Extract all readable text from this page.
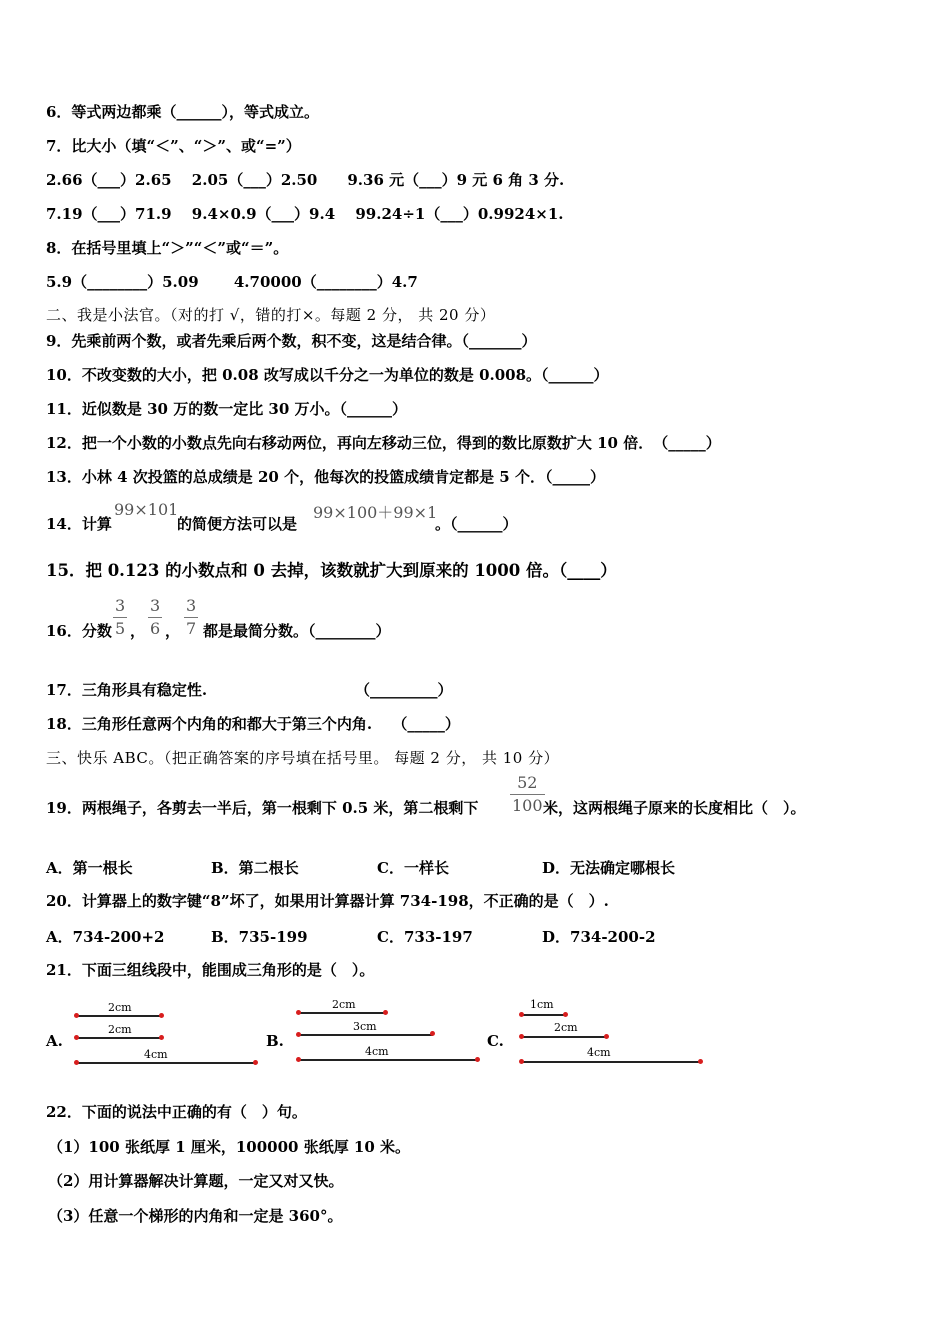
6．等式两边都乘（______），等式成立。
7．比大小（填“＜”、“＞”、或“=”）
2.66（___）2.65　 2.05（___）2.50　　9.36 元（___）9 元 6 角 3 分.
7.19（___）71.9　 9.4×0.9（___）9.4　 99.24÷1（___）0.9924×1.
8．在括号里填上“＞”“＜”或“＝”。
5.9（________）5.09　　 4.70000（________）4.7
二、我是小法官。（对的打 √，错的打×。每题 2 分， 共 20 分）
9．先乘前两个数，或者先乘后两个数，积不变，这是结合律。（_______）
10．不改变数的大小，把 0.08 改写成以千分之一为单位的数是 0.008。（______）
11．近似数是 30 万的数一定比 30 万小。（______）
12．把一个小数的小数点先向右移动两位，再向左移动三位，得到的数比原数扩大 10 倍．　（_____）
13．小林 4 次投篮的总成绩是 20 个，他每次的投篮成绩肯定都是 5 个．（_____）
14．计算
99×101
的简便方法可以是
99×100＋99×1
。（______）
15．把 0.123 的小数点和 0 去掉，该数就扩大到原来的 1000 倍。（____）
16．分数 $\frac{3}{5}$ ， $\frac{3}{6}$ ， $\frac{3}{7}$ 都是最简分数。（________）
17．三角形具有稳定性.	（_________）
18．三角形任意两个内角的和都大于第三个内角.　 （_____）
三、快乐 ABC。（把正确答案的序号填在括号里。 每题 2 分， 共 10 分）
19．两根绳子，各剪去一半后，第一根剩下 0.5 米，第二根剩下 $\frac{52}{100}$
米，这两根绳子原来的长度相比（　）。
A．第一根长	B．第二根长	C．一样长	D．无法确定哪根长
20．计算器上的数字键“8”坏了，如果用计算器计算 734-198，不正确的是（　）.
A．734-200+2	B．735-199	C．733-197	D．734-200-2
21．下面三组线段中，能围成三角形的是（　）。
A.
2cm
2cm
4cm
B.
2cm
3cm
4cm
C.
1cm
2cm
4cm
22．下面的说法中正确的有（　）句。
（1）100 张纸厚 1 厘米，100000 张纸厚 10 米。
（2）用计算器解决计算题，一定又对又快。
（3）任意一个梯形的内角和一定是 360°。
